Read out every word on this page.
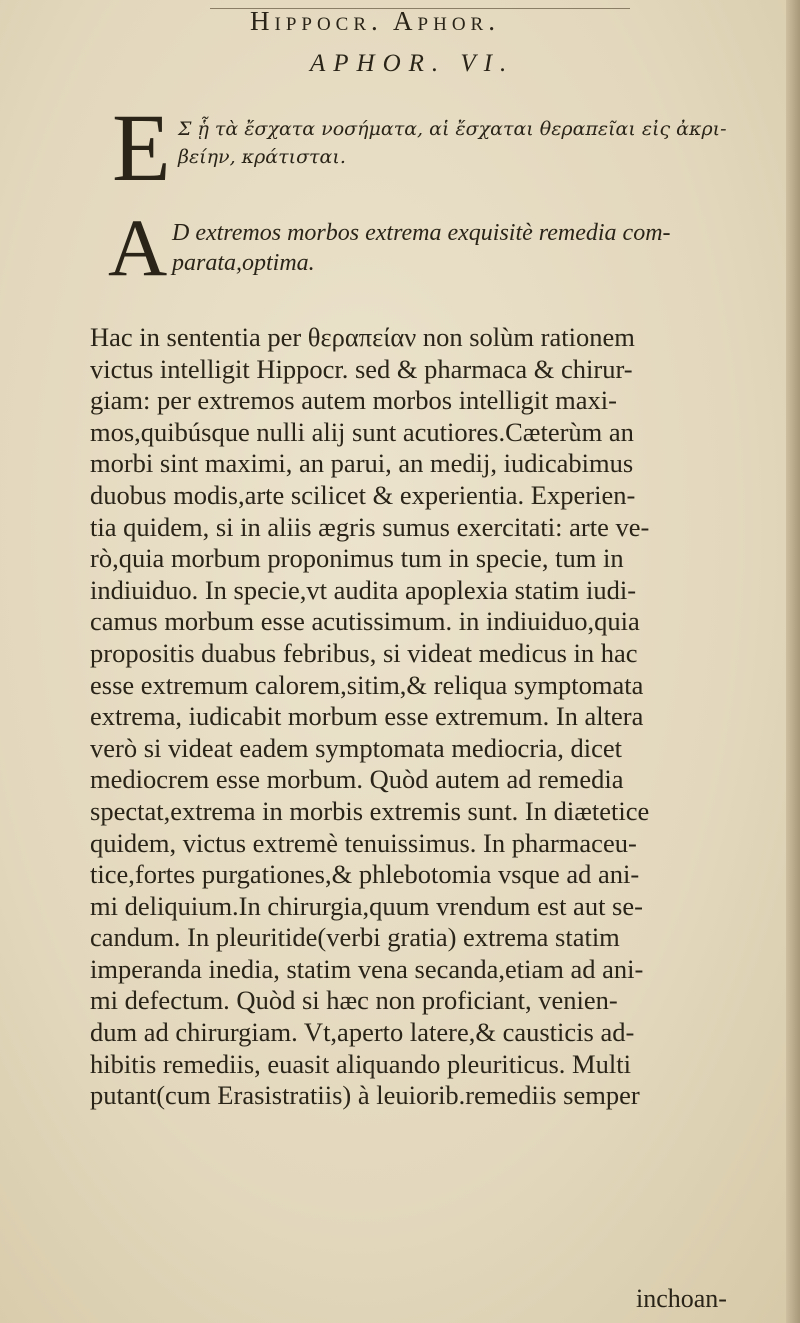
Hippocr. Aphor.
APHOR. VI.
E Σ ᾗ τὰ ἔσχατα νοσήματα, αἱ ἔσχαται θεραπεῖαι εἰς ἀκρι-
βείην, κράτισται.
A D extremos morbos extrema exquisitè remedia com-
parata,optima.
Hac in sententia per θεραπείαν non solùm rationem
victus intelligit Hippocr. sed & pharmaca & chirur-
giam: per extremos autem morbos intelligit maxi-
mos,quibúsque nulli alij sunt acutiores.Cæterùm an
morbi sint maximi, an parui, an medij, iudicabimus
duobus modis,arte scilicet & experientia. Experien-
tia quidem, si in aliis ægris sumus exercitati: arte ve-
rò,quia morbum proponimus tum in specie, tum in
indiuiduo. In specie,vt audita apoplexia statim iudi-
camus morbum esse acutissimum. in indiuiduo,quia
propositis duabus febribus, si videat medicus in hac
esse extremum calorem,sitim,& reliqua symptomata
extrema, iudicabit morbum esse extremum. In altera
verò si videat eadem symptomata mediocria, dicet
mediocrem esse morbum. Quòd autem ad remedia
spectat,extrema in morbis extremis sunt. In diætetice
quidem, victus extremè tenuissimus. In pharmaceu-
tice,fortes purgationes,& phlebotomia vsque ad ani-
mi deliquium.In chirurgia,quum vrendum est aut se-
candum. In pleuritide(verbi gratia) extrema statim
imperanda inedia, statim vena secanda,etiam ad ani-
mi defectum. Quòd si hæc non proficiant, venien-
dum ad chirurgiam. Vt,aperto latere,& causticis ad-
hibitis remediis, euasit aliquando pleuriticus. Multi
putant(cum Erasistratiis) à leuiorib.remediis semper
inchoan-
